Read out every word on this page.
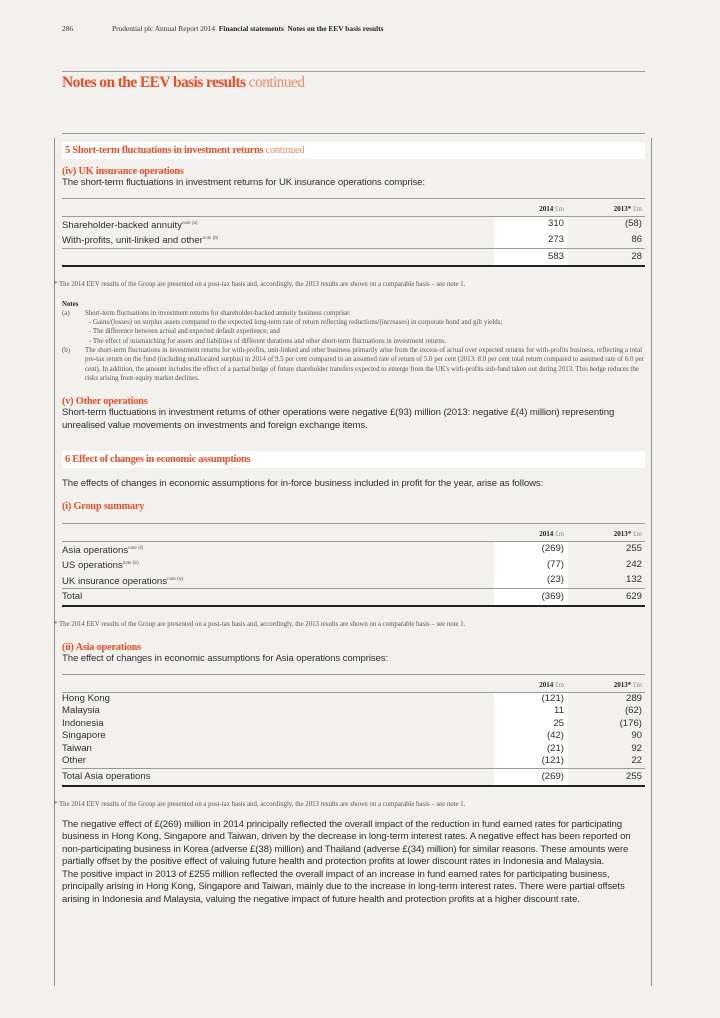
286	Prudential plc Annual Report 2014 Financial statements Notes on the EEV basis results
Notes on the EEV basis results continued
5 Short-term fluctuations in investment returns continued
(iv) UK insurance operations
The short-term fluctuations in investment returns for UK insurance operations comprise:
	2014 £m	2013* £m
Shareholder-backed annuity$^{note (a)}$	310	(58)
With-profits, unit-linked and other$^{note (b)}$	273	86
	583	28
* The 2014 EEV results of the Group are presented on a post-tax basis and, accordingly, the 2013 results are shown on a comparable basis – see note 1.
Notes
(a)	Short-term fluctuations in investment returns for shareholder-backed annuity business comprise:
- Gains/(losses) on surplus assets compared to the expected long-term rate of return reflecting reductions/(increases) in corporate bond and gilt yields;
- The difference between actual and expected default experience; and
- The effect of mismatching for assets and liabilities of different durations and other short-term fluctuations in investment returns.
(b)	The short-term fluctuations in investment returns for with-profits, unit-linked and other business primarily arise from the excess of actual over expected returns for with-profits business, reflecting a total pre-tax return on the fund (including unallocated surplus) in 2014 of 9.5 per cent compared to an assumed rate of return of 5.0 per cent (2013: 8.0 per cent total return compared to assumed rate of 6.0 per cent). In addition, the amount includes the effect of a partial hedge of future shareholder transfers expected to emerge from the UK's with-profits sub-fund taken out during 2013. This hedge reduces the risks arising from equity market declines.
(v) Other operations
Short-term fluctuations in investment returns of other operations were negative £(93) million (2013: negative £(4) million) representing unrealised value movements on investments and foreign exchange items.
6 Effect of changes in economic assumptions
The effects of changes in economic assumptions for in-force business included in profit for the year, arise as follows:
(i) Group summary
	2014 £m	2013* £m
Asia operations$^{note (ii)}$	(269)	255
US operations$^{note (iii)}$	(77)	242
UK insurance operations$^{note (iv)}$	(23)	132
Total	(369)	629
* The 2014 EEV results of the Group are presented on a post-tax basis and, accordingly, the 2013 results are shown on a comparable basis – see note 1.
(ii) Asia operations
The effect of changes in economic assumptions for Asia operations comprises:
	2014 £m	2013* £m
Hong Kong	(121)	289
Malaysia	11	(62)
Indonesia	25	(176)
Singapore	(42)	90
Taiwan	(21)	92
Other	(121)	22
Total Asia operations	(269)	255
* The 2014 EEV results of the Group are presented on a post-tax basis and, accordingly, the 2013 results are shown on a comparable basis – see note 1.
The negative effect of £(269) million in 2014 principally reflected the overall impact of the reduction in fund earned rates for participating business in Hong Kong, Singapore and Taiwan, driven by the decrease in long-term interest rates. A negative effect has been reported on non-participating business in Korea (adverse £(38) million) and Thailand (adverse £(34) million) for similar reasons. These amounts were partially offset by the positive effect of valuing future health and protection profits at lower discount rates in Indonesia and Malaysia.
The positive impact in 2013 of £255 million reflected the overall impact of an increase in fund earned rates for participating business, principally arising in Hong Kong, Singapore and Taiwan, mainly due to the increase in long-term interest rates. There were partial offsets arising in Indonesia and Malaysia, valuing the negative impact of future health and protection profits at a higher discount rate.
